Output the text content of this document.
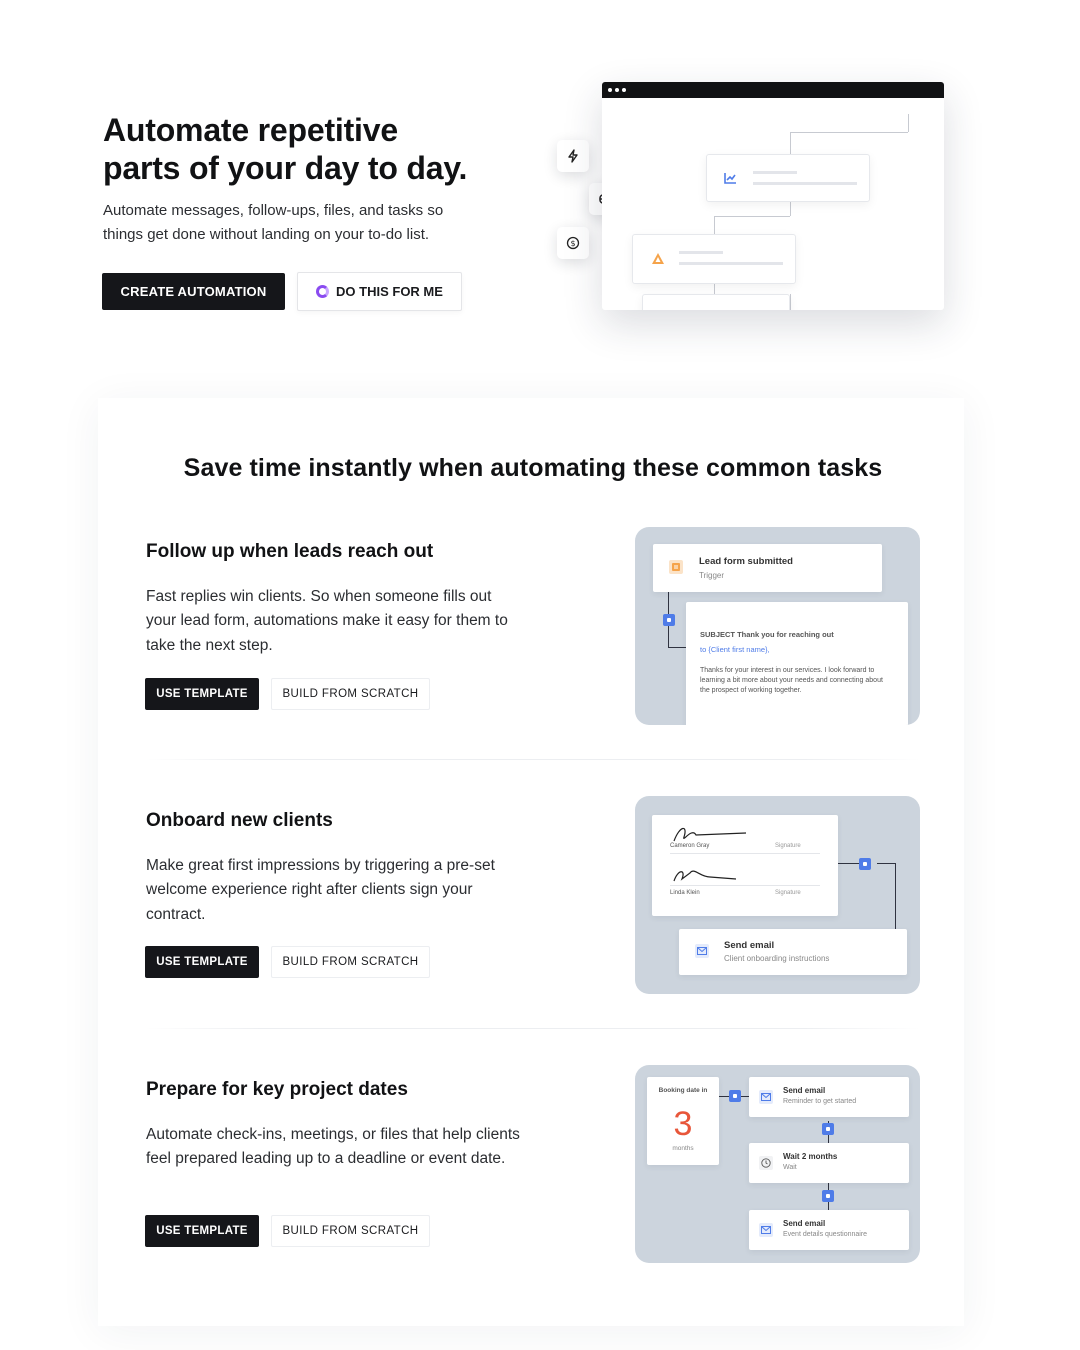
Automate repetitive
parts of your day to day.

Automate messages, follow-ups, files, and tasks so
things get done without landing on your to-do list.

CREATE AUTOMATION	DO THIS FOR ME
$
Save time instantly when automating these common tasks
Follow up when leads reach out

Fast replies win clients. So when someone fills out your lead form, automations make it easy for them to take the next step.

USE TEMPLATE	BUILD FROM SCRATCH
Lead form submitted
Trigger
SUBJECT Thank you for reaching out
to {Client first name},
Thanks for your interest in our services. I look forward to learning a bit more about your needs and connecting about the prospect of working together.
Onboard new clients

Make great first impressions by triggering a pre-set welcome experience right after clients sign your contract.

USE TEMPLATE	BUILD FROM SCRATCH
Cameron Gray	Signature
Linda Klein	Signature
Send email
Client onboarding instructions
Prepare for key project dates

Automate check-ins, meetings, or files that help clients feel prepared leading up to a deadline or event date.

USE TEMPLATE	BUILD FROM SCRATCH
Booking date in
3
months
Send email
Reminder to get started
Wait 2 months
Wait
Send email
Event details questionnaire
